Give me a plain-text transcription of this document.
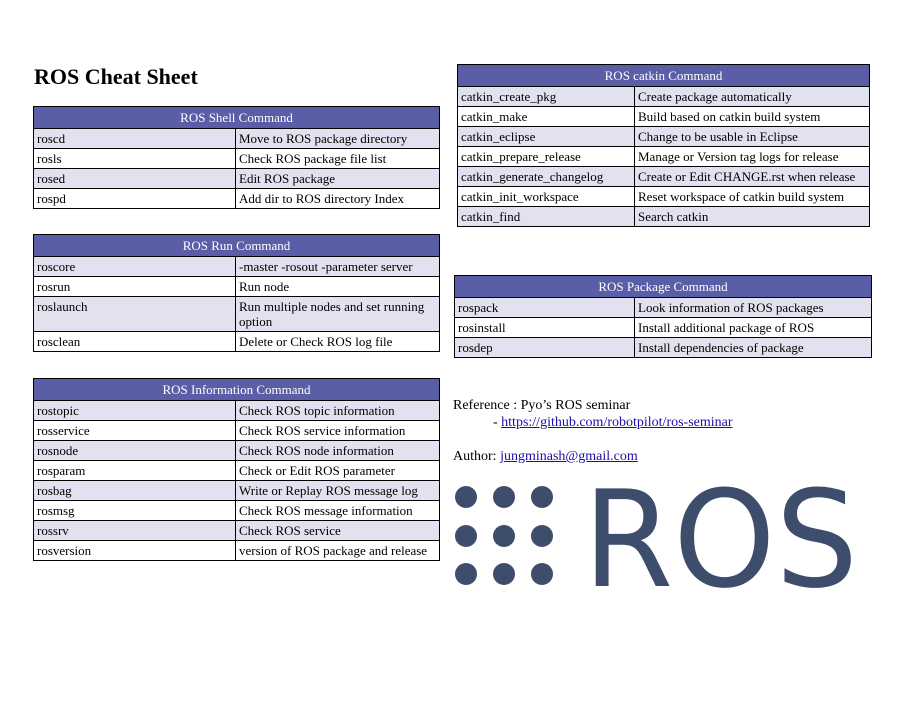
ROS Cheat Sheet
ROS Shell Command	
roscd	Move to ROS package directory
rosls	Check ROS package file list
rosed	Edit ROS package
rospd	Add dir to ROS directory Index
ROS Run Command	
roscore	-master -rosout -parameter server
rosrun	Run node
roslaunch	Run multiple nodes and set running option
rosclean	Delete or Check ROS log file
ROS Information Command	
rostopic	Check ROS topic information
rosservice	Check ROS service information
rosnode	Check ROS node information
rosparam	Check or Edit ROS parameter
rosbag	Write or Replay ROS message log
rosmsg	Check ROS message information
rossrv	Check ROS service
rosversion	version of ROS package and release
ROS catkin Command	
catkin_create_pkg	Create package automatically
catkin_make	Build based on catkin build system
catkin_eclipse	Change to be usable in Eclipse
catkin_prepare_release	Manage or Version tag logs for release
catkin_generate_changelog	Create or Edit CHANGE.rst when release
catkin_init_workspace	Reset workspace of catkin build system
catkin_find	Search catkin
ROS Package Command	
rospack	Look information of ROS packages
rosinstall	Install additional package of ROS
rosdep	Install dependencies of package
Reference : Pyo’s ROS seminar
- https://github.com/robotpilot/ros-seminar
Author: jungminash@gmail.com
ROS
